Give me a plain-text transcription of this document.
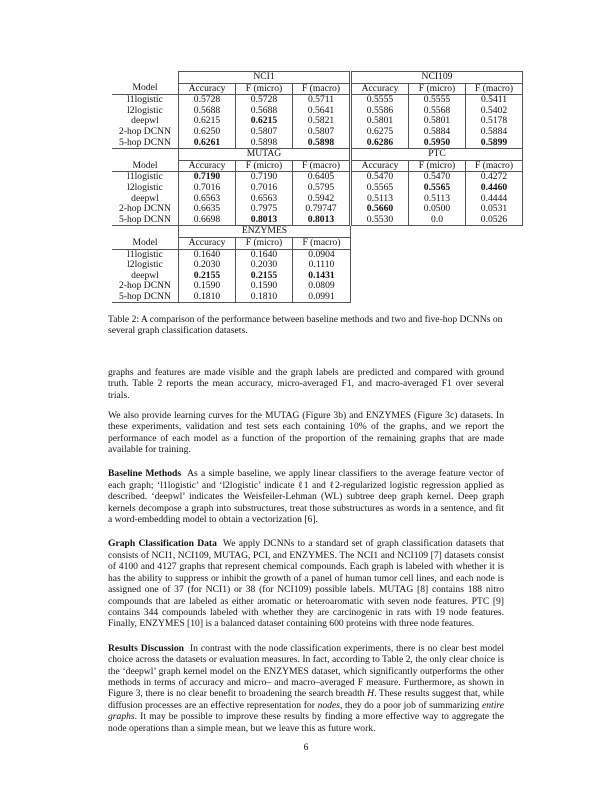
	NCI1			NCI109		
Model	Accuracy	F (micro)	F (macro)	Accuracy	F (micro)	F (macro)
l1logistic	0.5728	0.5728	0.5711	0.5555	0.5555	0.5411
l2logistic	0.5688	0.5688	0.5641	0.5586	0.5568	0.5402
deepwl	0.6215	0.6215	0.5821	0.5801	0.5801	0.5178
2-hop DCNN	0.6250	0.5807	0.5807	0.6275	0.5884	0.5884
5-hop DCNN	0.6261	0.5898	0.5898	0.6286	0.5950	0.5899
	MUTAG			PTC		
Model	Accuracy	F (micro)	F (macro)	Accuracy	F (micro)	F (macro)
l1logistic	0.7190	0.7190	0.6405	0.5470	0.5470	0.4272
l2logistic	0.7016	0.7016	0.5795	0.5565	0.5565	0.4460
deepwl	0.6563	0.6563	0.5942	0.5113	0.5113	0.4444
2-hop DCNN	0.6635	0.7975	0.79747	0.5660	0.0500	0.0531
5-hop DCNN	0.6698	0.8013	0.8013	0.5530	0.0	0.0526
	ENZYMES					
Model	Accuracy	F (micro)	F (macro)			
l1logistic	0.1640	0.1640	0.0904			
l2logistic	0.2030	0.2030	0.1110			
deepwl	0.2155	0.2155	0.1431			
2-hop DCNN	0.1590	0.1590	0.0809			
5-hop DCNN	0.1810	0.1810	0.0991			
Table 2: A comparison of the performance between baseline methods and two and five-hop DCNNs on several graph classification datasets.

graphs and features are made visible and the graph labels are predicted and compared with ground truth. Table 2 reports the mean accuracy, micro-averaged F1, and macro-averaged F1 over several trials.

We also provide learning curves for the MUTAG (Figure 3b) and ENZYMES (Figure 3c) datasets. In these experiments, validation and test sets each containing 10% of the graphs, and we report the performance of each model as a function of the proportion of the remaining graphs that are made available for training.

Baseline Methods As a simple baseline, we apply linear classifiers to the average feature vector of each graph; ‘l1logistic’ and ‘l2logistic’ indicate ℓ1 and ℓ2-regularized logistic regression applied as described. ‘deepwl’ indicates the Weisfeiler-Lehman (WL) subtree deep graph kernel. Deep graph kernels decompose a graph into substructures, treat those substructures as words in a sentence, and fit a word-embedding model to obtain a vectorization [6].

Graph Classification Data We apply DCNNs to a standard set of graph classification datasets that consists of NCI1, NCI109, MUTAG, PCI, and ENZYMES. The NCI1 and NCI109 [7] datasets consist of 4100 and 4127 graphs that represent chemical compounds. Each graph is labeled with whether it is has the ability to suppress or inhibit the growth of a panel of human tumor cell lines, and each node is assigned one of 37 (for NCI1) or 38 (for NCI109) possible labels. MUTAG [8] contains 188 nitro compounds that are labeled as either aromatic or heteroaromatic with seven node features. PTC [9] contains 344 compounds labeled with whether they are carcinogenic in rats with 19 node features. Finally, ENZYMES [10] is a balanced dataset containing 600 proteins with three node features.

Results Discussion In contrast with the node classification experiments, there is no clear best model choice across the datasets or evaluation measures. In fact, according to Table 2, the only clear choice is the ‘deepwl’ graph kernel model on the ENZYMES dataset, which significantly outperforms the other methods in terms of accuracy and micro– and macro–averaged F measure. Furthermore, as shown in Figure 3, there is no clear benefit to broadening the search breadth H. These results suggest that, while diffusion processes are an effective representation for nodes, they do a poor job of summarizing entire graphs. It may be possible to improve these results by finding a more effective way to aggregate the node operations than a simple mean, but we leave this as future work.

6
